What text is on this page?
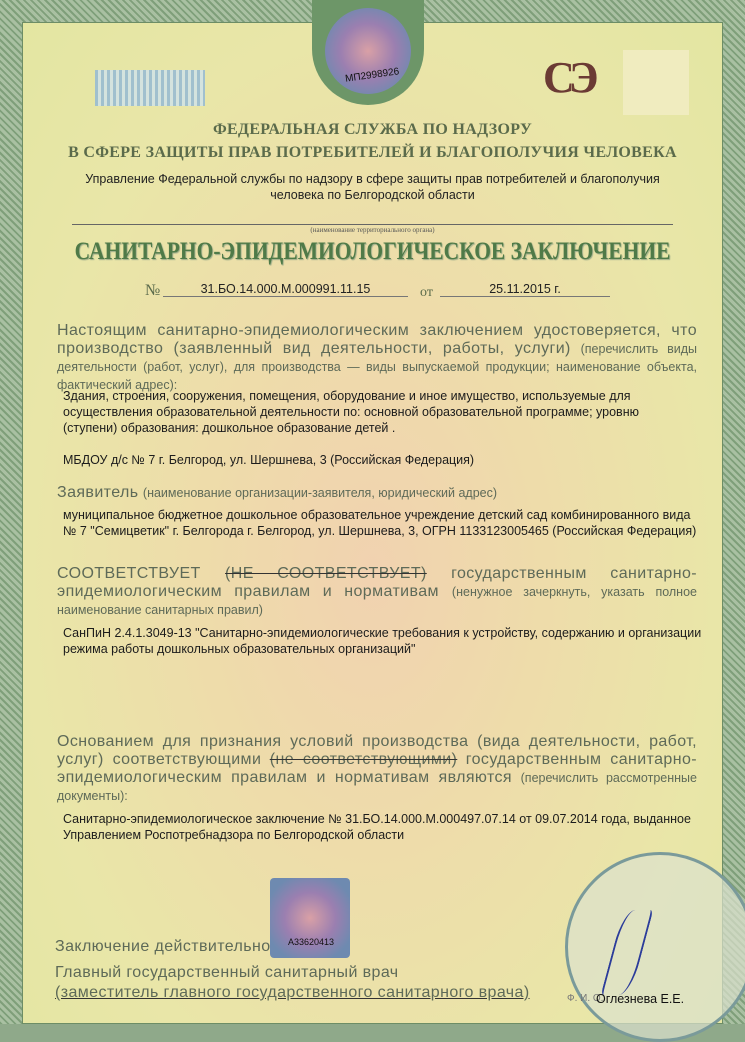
МП2998926	СЭ
ФЕДЕРАЛЬНАЯ СЛУЖБА ПО НАДЗОРУ
В СФЕРЕ ЗАЩИТЫ ПРАВ ПОТРЕБИТЕЛЕЙ И БЛАГОПОЛУЧИЯ ЧЕЛОВЕКА
Управление Федеральной службы по надзору в сфере защиты прав потребителей и благополучия
человека по Белгородской области
(наименование территориального органа)
САНИТАРНО-ЭПИДЕМИОЛОГИЧЕСКОЕ ЗАКЛЮЧЕНИЕ
№	31.БО.14.000.М.000991.11.15	от	25.11.2015 г.
Настоящим санитарно-эпидемиологическим заключением удостоверяется, что производство (заявленный вид деятельности, работы, услуги) (перечислить виды деятельности (работ, услуг), для производства — виды выпускаемой продукции; наименование объекта, фактический адрес):
Здания, строения, сооружения, помещения, оборудование и иное имущество, используемые для осуществления образовательной деятельности по: основной образовательной программе; уровню (ступени) образования: дошкольное образование детей .
МБДОУ д/с № 7 г. Белгород, ул. Шершнева, 3 (Российская Федерация)
Заявитель (наименование организации-заявителя, юридический адрес)
муниципальное бюджетное дошкольное образовательное учреждение детский сад комбинированного вида № 7 "Семицветик" г. Белгорода г. Белгород, ул. Шершнева, 3, ОГРН 1133123005465 (Российская Федерация)
СООТВЕТСТВУЕТ (НЕ СООТВЕТСТВУЕТ) государственным санитарно-эпидемиологическим правилам и нормативам (ненужное зачеркнуть, указать полное наименование санитарных правил)
СанПиН 2.4.1.3049-13 "Санитарно-эпидемиологические требования к устройству, содержанию и организации режима работы дошкольных образовательных организаций"
Основанием для признания условий производства (вида деятельности, работ, услуг) соответствующими (не соответствующими) государственным санитарно-эпидемиологическим правилам и нормативам являются (перечислить рассмотренные документы):
Санитарно-эпидемиологическое заключение № 31.БО.14.000.М.000497.07.14 от 09.07.2014 года, выданное Управлением Роспотребнадзора по Белгородской области
А33620413
Заключение действительно
Главный государственный санитарный врач
(заместитель главного государственного санитарного врача)	Ф. И. О.
Оглезнева Е.Е.
